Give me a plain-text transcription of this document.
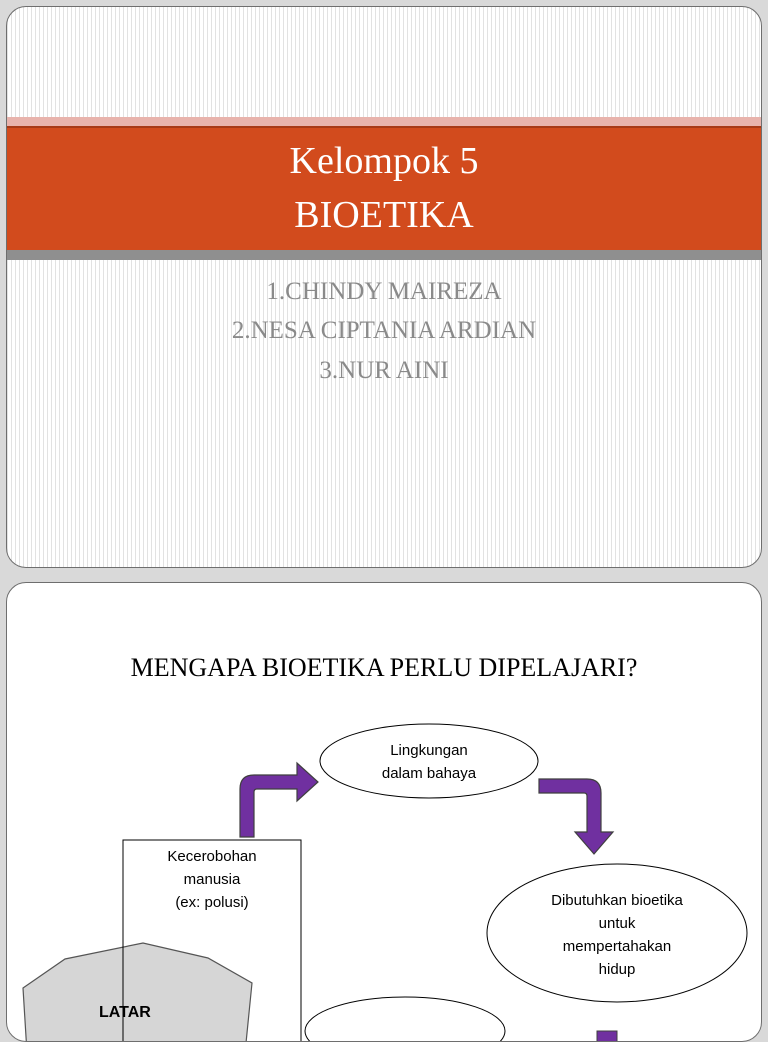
Kelompok 5
BIOETIKA
1.CHINDY MAIREZA
2.NESA CIPTANIA ARDIAN
3.NUR AINI
MENGAPA BIOETIKA PERLU DIPELAJARI?
Lingkungan
dalam bahaya
Kecerobohan
manusia
(ex: polusi)	Dibutuhkan bioetika
untuk
mempertahakan
hidup
LATAR
